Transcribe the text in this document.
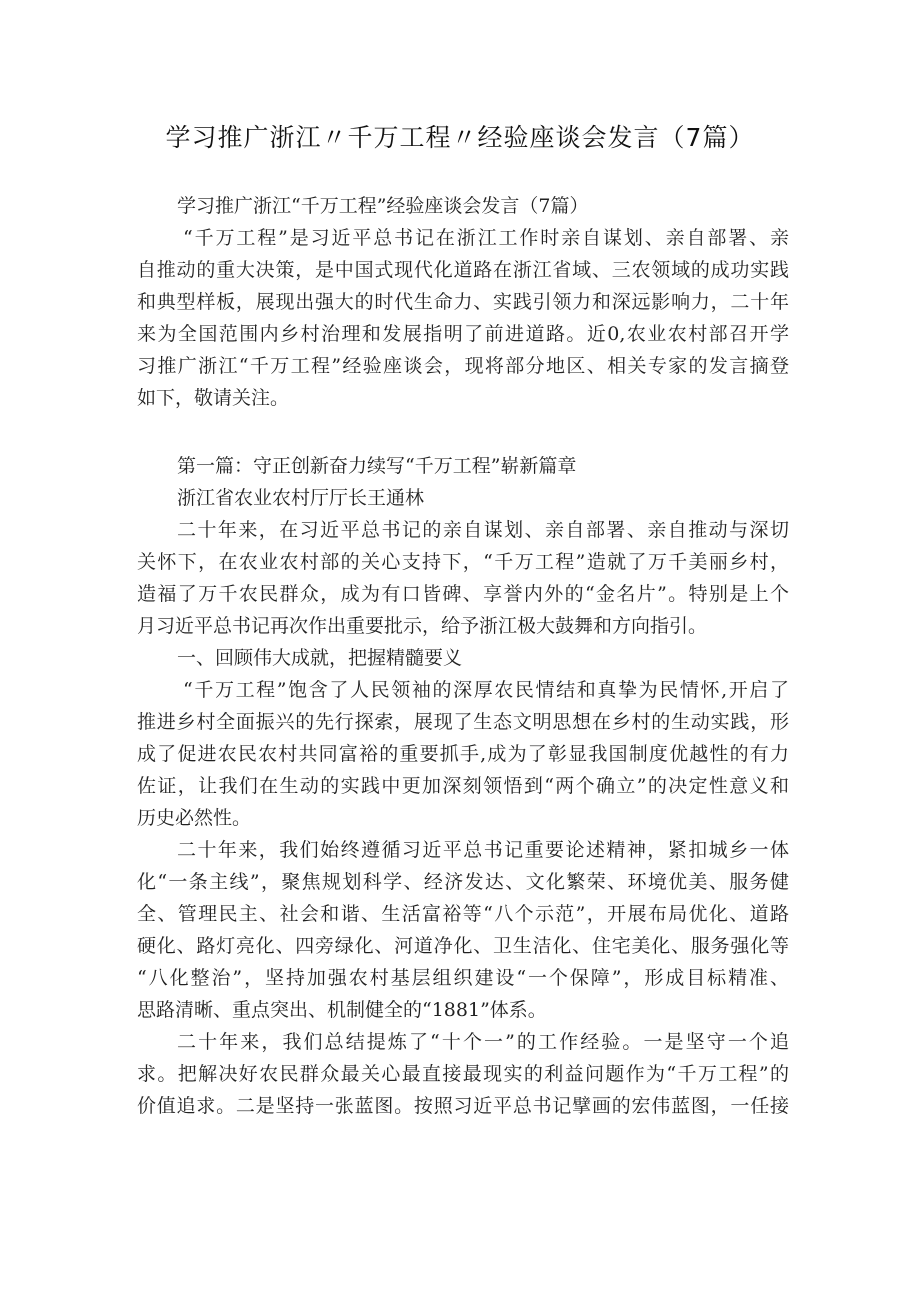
学习推广浙江〃千万工程〃经验座谈会发言（7篇）
学习推广浙江“千万工程”经验座谈会发言（7篇）
“千万工程”是习近平总书记在浙江工作时亲自谋划、亲自部署、亲
自推动的重大决策，是中国式现代化道路在浙江省域、三农领域的成功实践
和典型样板，展现出强大的时代生命力、实践引领力和深远影响力，二十年
来为全国范围内乡村治理和发展指明了前进道路。近0,农业农村部召开学
习推广浙江“千万工程”经验座谈会，现将部分地区、相关专家的发言摘登
如下，敬请关注。
第一篇：守正创新奋力续写“千万工程”崭新篇章
浙江省农业农村厅厅长王通林
二十年来，在习近平总书记的亲自谋划、亲自部署、亲自推动与深切
关怀下，在农业农村部的关心支持下，“千万工程”造就了万千美丽乡村，
造福了万千农民群众，成为有口皆碑、享誉内外的“金名片”。特别是上个
月习近平总书记再次作出重要批示，给予浙江极大鼓舞和方向指引。
一、回顾伟大成就，把握精髓要义
“千万工程”饱含了人民领袖的深厚农民情结和真挚为民情怀,开启了
推进乡村全面振兴的先行探索，展现了生态文明思想在乡村的生动实践，形
成了促进农民农村共同富裕的重要抓手,成为了彰显我国制度优越性的有力
佐证，让我们在生动的实践中更加深刻领悟到“两个确立”的决定性意义和
历史必然性。
二十年来，我们始终遵循习近平总书记重要论述精神，紧扣城乡一体
化“一条主线”，聚焦规划科学、经济发达、文化繁荣、环境优美、服务健
全、管理民主、社会和谐、生活富裕等“八个示范”，开展布局优化、道路
硬化、路灯亮化、四旁绿化、河道净化、卫生洁化、住宅美化、服务强化等
“八化整治”，坚持加强农村基层组织建设“一个保障”，形成目标精准、
思路清晰、重点突出、机制健全的“1881”体系。
二十年来，我们总结提炼了“十个一”的工作经验。一是坚守一个追
求。把解决好农民群众最关心最直接最现实的利益问题作为“千万工程”的
价值追求。二是坚持一张蓝图。按照习近平总书记擘画的宏伟蓝图，一任接
